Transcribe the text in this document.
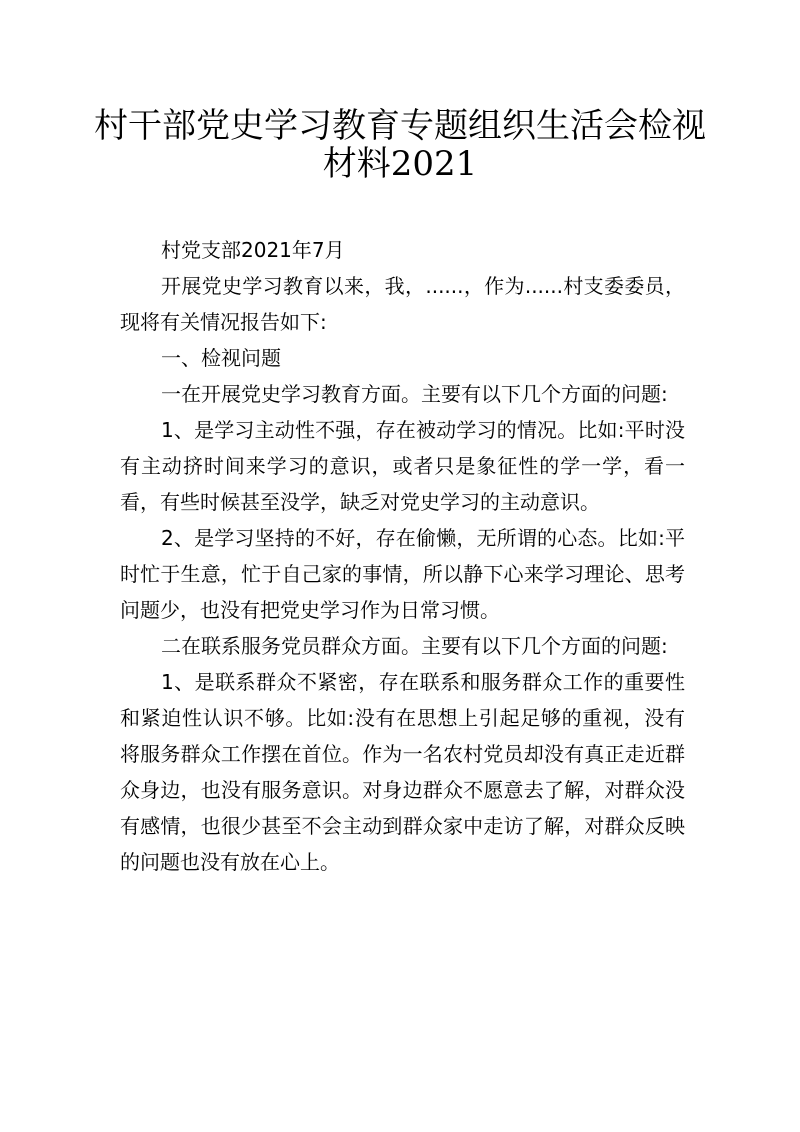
村干部党史学习教育专题组织生活会检视
材料2021

村党支部2021年7月

开展党史学习教育以来，我，......，作为......村支委委员，现将有关情况报告如下:

一、检视问题

一在开展党史学习教育方面。主要有以下几个方面的问题:

1、是学习主动性不强，存在被动学习的情况。比如:平时没有主动挤时间来学习的意识，或者只是象征性的学一学，看一看，有些时候甚至没学，缺乏对党史学习的主动意识。

2、是学习坚持的不好，存在偷懒，无所谓的心态。比如:平时忙于生意，忙于自己家的事情，所以静下心来学习理论、思考问题少，也没有把党史学习作为日常习惯。

二在联系服务党员群众方面。主要有以下几个方面的问题:

1、是联系群众不紧密，存在联系和服务群众工作的重要性和紧迫性认识不够。比如:没有在思想上引起足够的重视，没有将服务群众工作摆在首位。作为一名农村党员却没有真正走近群众身边，也没有服务意识。对身边群众不愿意去了解，对群众没有感情，也很少甚至不会主动到群众家中走访了解，对群众反映的问题也没有放在心上。
